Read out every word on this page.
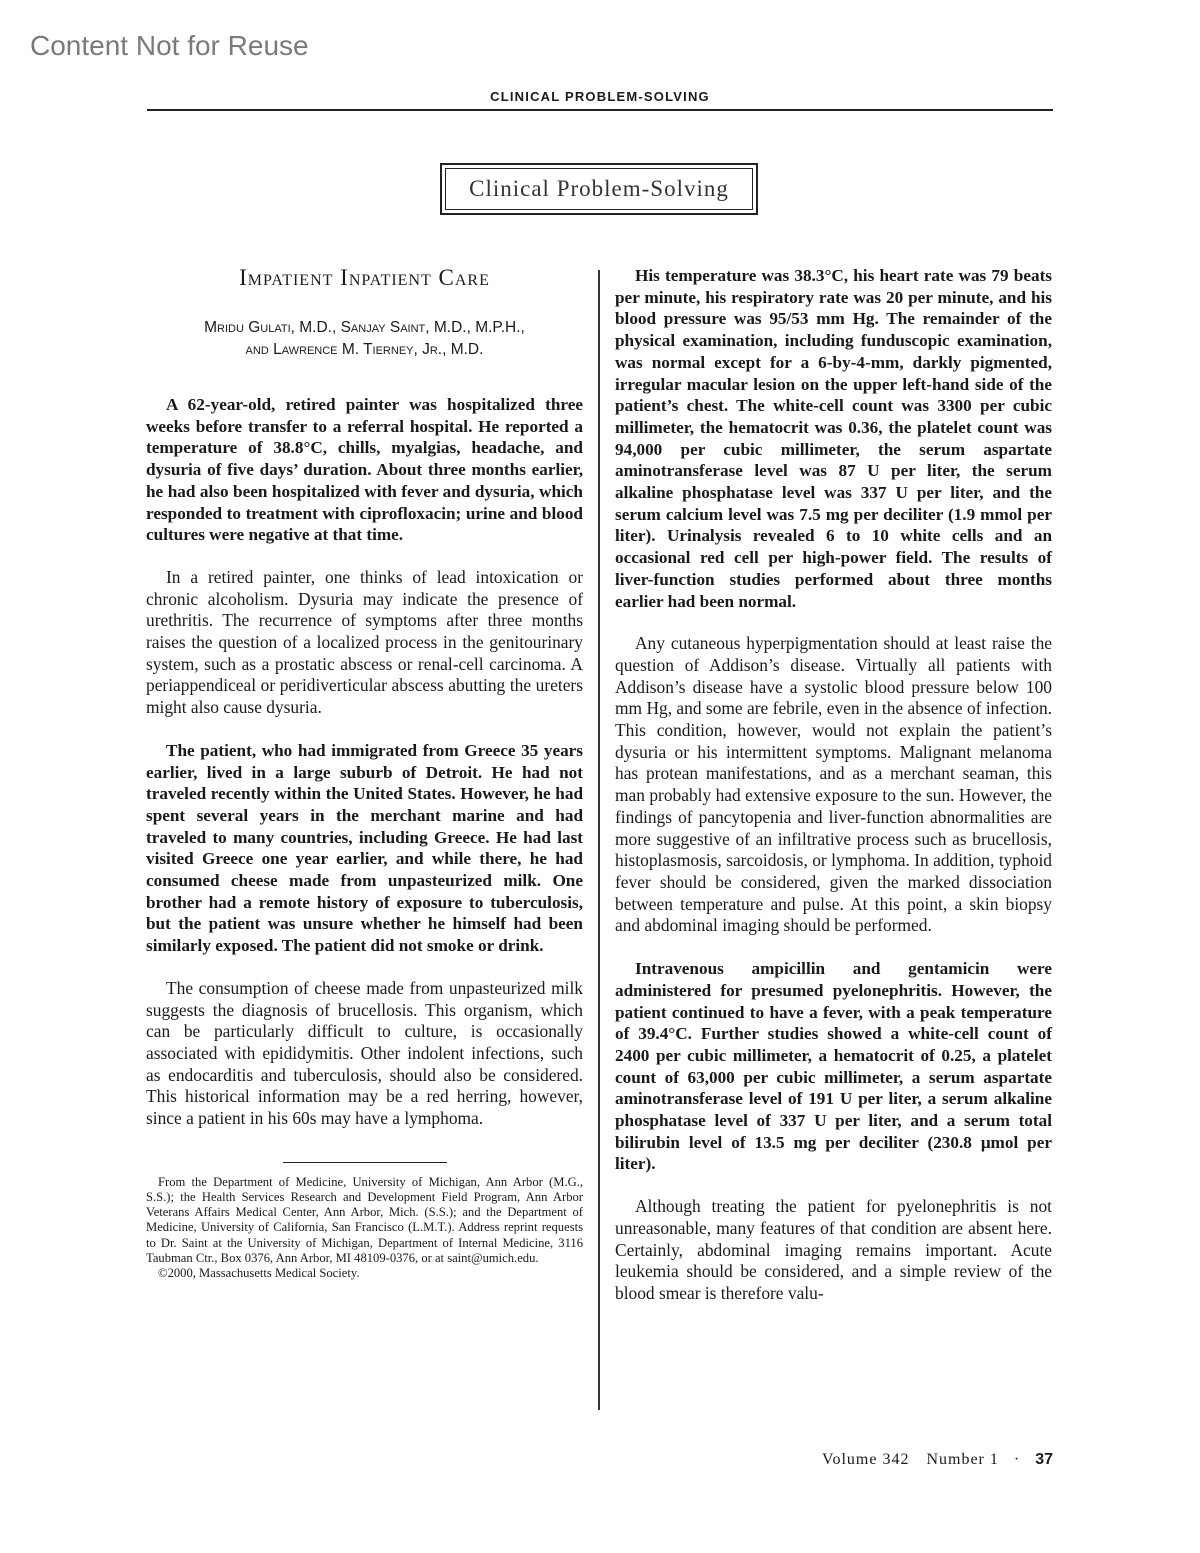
Content Not for Reuse
CLINICAL PROBLEM-SOLVING
Clinical Problem-Solving
Impatient Inpatient Care
Mridu Gulati, M.D., Sanjay Saint, M.D., M.P.H.,
and Lawrence M. Tierney, Jr., M.D.

A 62-year-old, retired painter was hospitalized three weeks before transfer to a referral hospital. He reported a temperature of 38.8°C, chills, myalgias, headache, and dysuria of five days’ duration. About three months earlier, he had also been hospitalized with fever and dysuria, which responded to treatment with ciprofloxacin; urine and blood cultures were negative at that time.

In a retired painter, one thinks of lead intoxication or chronic alcoholism. Dysuria may indicate the presence of urethritis. The recurrence of symptoms after three months raises the question of a localized process in the genitourinary system, such as a prostatic abscess or renal-cell carcinoma. A periappendiceal or peridiverticular abscess abutting the ureters might also cause dysuria.

The patient, who had immigrated from Greece 35 years earlier, lived in a large suburb of Detroit. He had not traveled recently within the United States. However, he had spent several years in the merchant marine and had traveled to many countries, including Greece. He had last visited Greece one year earlier, and while there, he had consumed cheese made from unpasteurized milk. One brother had a remote history of exposure to tuberculosis, but the patient was unsure whether he himself had been similarly exposed. The patient did not smoke or drink.

The consumption of cheese made from unpasteurized milk suggests the diagnosis of brucellosis. This organism, which can be particularly difficult to culture, is occasionally associated with epididymitis. Other indolent infections, such as endocarditis and tuberculosis, should also be considered. This historical information may be a red herring, however, since a patient in his 60s may have a lymphoma.

From the Department of Medicine, University of Michigan, Ann Arbor (M.G., S.S.); the Health Services Research and Development Field Program, Ann Arbor Veterans Affairs Medical Center, Ann Arbor, Mich. (S.S.); and the Department of Medicine, University of California, San Francisco (L.M.T.). Address reprint requests to Dr. Saint at the University of Michigan, Department of Internal Medicine, 3116 Taubman Ctr., Box 0376, Ann Arbor, MI 48109-0376, or at saint@umich.edu.

©2000, Massachusetts Medical Society.

His temperature was 38.3°C, his heart rate was 79 beats per minute, his respiratory rate was 20 per minute, and his blood pressure was 95/53 mm Hg. The remainder of the physical examination, including funduscopic examination, was normal except for a 6-by-4-mm, darkly pigmented, irregular macular lesion on the upper left-hand side of the patient’s chest. The white-cell count was 3300 per cubic millimeter, the hematocrit was 0.36, the platelet count was 94,000 per cubic millimeter, the serum aspartate aminotransferase level was 87 U per liter, the serum alkaline phosphatase level was 337 U per liter, and the serum calcium level was 7.5 mg per deciliter (1.9 mmol per liter). Urinalysis revealed 6 to 10 white cells and an occasional red cell per high-power field. The results of liver-function studies performed about three months earlier had been normal.

Any cutaneous hyperpigmentation should at least raise the question of Addison’s disease. Virtually all patients with Addison’s disease have a systolic blood pressure below 100 mm Hg, and some are febrile, even in the absence of infection. This condition, however, would not explain the patient’s dysuria or his intermittent symptoms. Malignant melanoma has protean manifestations, and as a merchant seaman, this man probably had extensive exposure to the sun. However, the findings of pancytopenia and liver-function abnormalities are more suggestive of an infiltrative process such as brucellosis, histoplasmosis, sarcoidosis, or lymphoma. In addition, typhoid fever should be considered, given the marked dissociation between temperature and pulse. At this point, a skin biopsy and abdominal imaging should be performed.

Intravenous ampicillin and gentamicin were administered for presumed pyelonephritis. However, the patient continued to have a fever, with a peak temperature of 39.4°C. Further studies showed a white-cell count of 2400 per cubic millimeter, a hematocrit of 0.25, a platelet count of 63,000 per cubic millimeter, a serum aspartate aminotransferase level of 191 U per liter, a serum alkaline phosphatase level of 337 U per liter, and a serum total bilirubin level of 13.5 mg per deciliter (230.8 μmol per liter).

Although treating the patient for pyelonephritis is not unreasonable, many features of that condition are absent here. Certainly, abdominal imaging remains important. Acute leukemia should be considered, and a simple review of the blood smear is therefore valu-

Volume 342 Number 1 · 37
